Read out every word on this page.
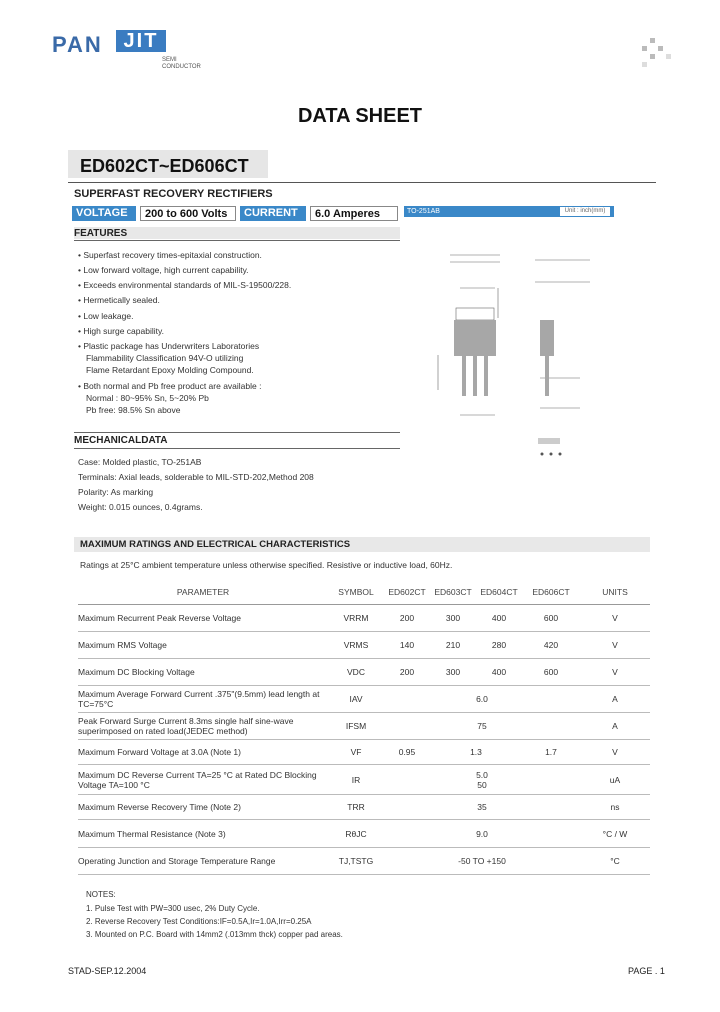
PAN	JIT
SEMI
CONDUCTOR
DATA SHEET
ED602CT~ED606CT
SUPERFAST RECOVERY RECTIFIERS
VOLTAGE	200 to 600 Volts	CURRENT	6.0 Amperes	TO-251AB	Unit : inch(mm)
FEATURES
• Superfast recovery times-epitaxial construction.
• Low forward voltage, high current capability.
• Exceeds environmental standards of MIL-S-19500/228.
• Hermetically sealed.
• Low leakage.
• High surge capability.
• Plastic package has Underwriters Laboratories
Flammability Classification 94V-O utilizing
Flame Retardant Epoxy Molding Compound.
• Both normal and Pb free product are available :
Normal : 80~95% Sn, 5~20% Pb
Pb free: 98.5% Sn above
MECHANICALDATA
Case: Molded plastic, TO-251AB
Terminals: Axial leads, solderable to MIL-STD-202,Method 208
Polarity: As marking
Weight: 0.015 ounces, 0.4grams.
MAXIMUM RATINGS AND ELECTRICAL CHARACTERISTICS
Ratings at 25°C ambient temperature unless otherwise specified. Resistive or inductive load, 60Hz.
PARAMETER	SYMBOL	ED602CT	ED603CT	ED604CT	ED606CT	UNITS
Maximum Recurrent Peak Reverse Voltage	VRRM	200	300	400	600	V
Maximum RMS Voltage	VRMS	140	210	280	420	V
Maximum DC Blocking Voltage	VDC	200	300	400	600	V
Maximum Average Forward Current .375"(9.5mm) lead length at TC=75°C	IAV	6.0				A
Peak Forward Surge Current 8.3ms single half sine-wave superimposed on rated load(JEDEC method)	IFSM	75				A
Maximum Forward Voltage at 3.0A (Note 1)	VF	0.95	1.3		1.7	V
Maximum DC Reverse Current TA=25 °C at Rated DC Blocking Voltage TA=100 °C	IR	5.0
50				uA
Maximum Reverse Recovery Time (Note 2)	TRR	35				ns
Maximum Thermal Resistance (Note 3)	RθJC	9.0				°C / W
Operating Junction and Storage Temperature Range	TJ,TSTG	-50 TO +150				°C
NOTES:
1. Pulse Test with PW=300 usec, 2% Duty Cycle.
2. Reverse Recovery Test Conditions:IF=0.5A,Ir=1.0A,Irr=0.25A
3. Mounted on P.C. Board with 14mm2 (.013mm thck) copper pad areas.
STAD-SEP.12.2004	PAGE . 1
